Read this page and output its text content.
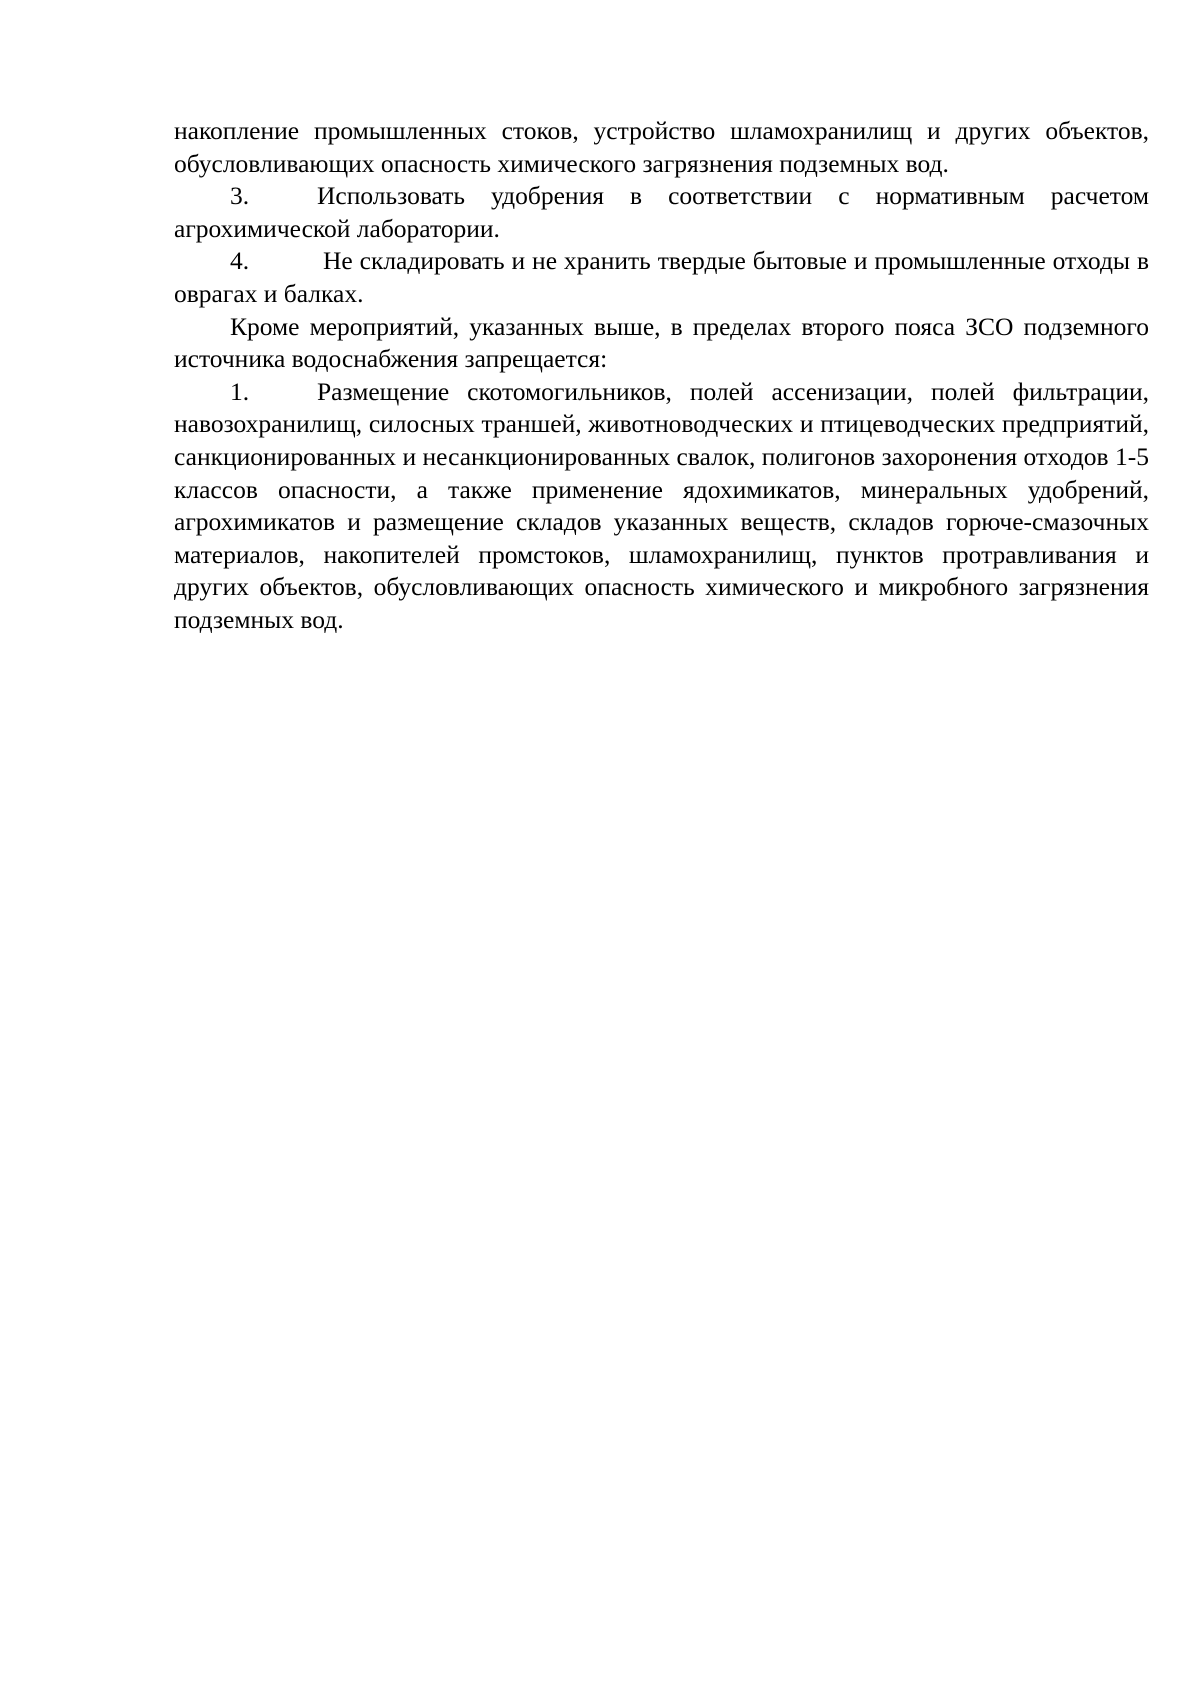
накопление промышленных стоков, устройство шламохранилищ и других объектов, обусловливающих опасность химического загрязнения подземных вод.

3.	Использовать удобрения в соответствии с нормативным расчетом агрохимической лаборатории.

4.	Не складировать и не хранить твердые бытовые и промышленные отходы в оврагах и балках.

Кроме мероприятий, указанных выше, в пределах второго пояса ЗСО подземного источника водоснабжения запрещается:

1.	Размещение скотомогильников, полей ассенизации, полей фильтрации, навозохранилищ, силосных траншей, животноводческих и птицеводческих предприятий, санкционированных и несанкционированных свалок, полигонов захоронения отходов 1-5 классов опасности, а также применение ядохимикатов, минеральных удобрений, агрохимикатов и размещение складов указанных веществ, складов горюче-смазочных материалов, накопителей промстоков, шламохранилищ, пунктов протравливания и других объектов, обусловливающих опасность химического и микробного загрязнения подземных вод.
